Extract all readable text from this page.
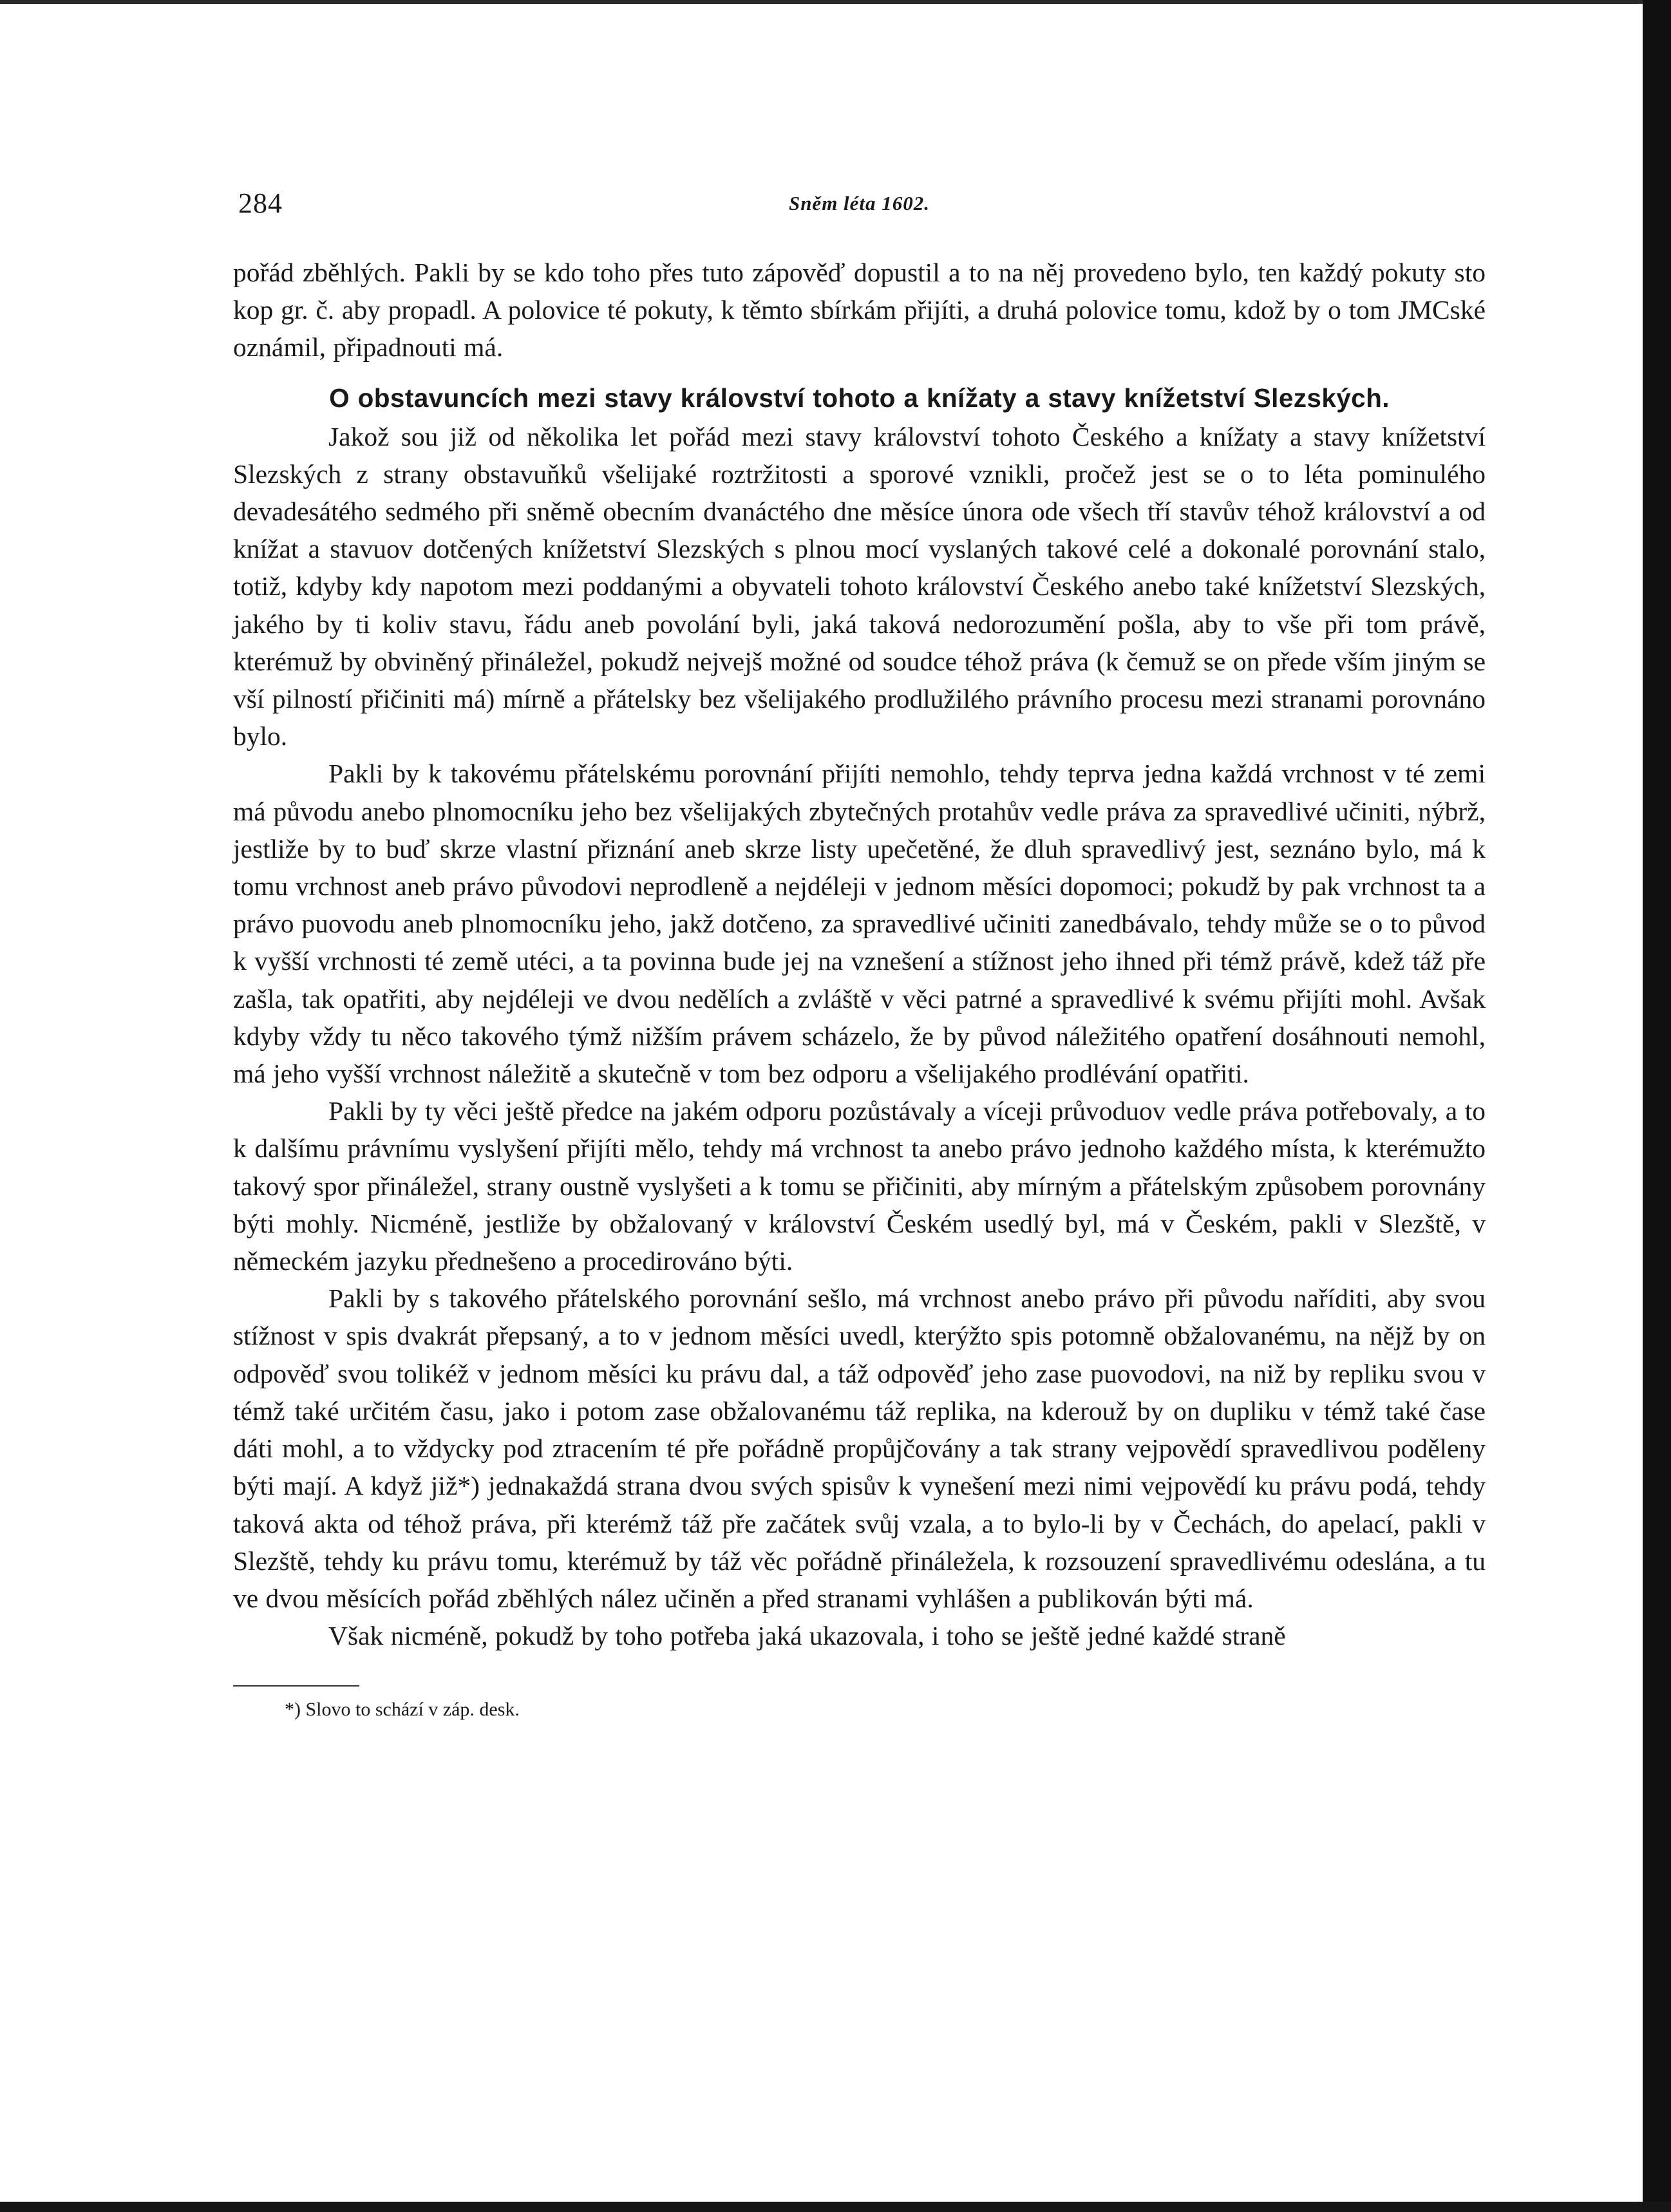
284	Sněm léta 1602.

pořád zběhlých. Pakli by se kdo toho přes tuto zápověď dopustil a to na něj provedeno bylo, ten každý pokuty sto kop gr. č. aby propadl. A polovice té pokuty, k těmto sbírkám přijíti, a druhá polovice tomu, kdož by o tom JMCské oznámil, připadnouti má.

O obstavuncích mezi stavy království tohoto a knížaty a stavy knížetství Slezských.

Jakož sou již od několika let pořád mezi stavy království tohoto Českého a knížaty a stavy knížetství Slezských z strany obstavuňků všelijaké roztržitosti a sporové vznikli, pročež jest se o to léta pominulého devadesátého sedmého při sněmě obecním dvanáctého dne měsíce února ode všech tří stavův téhož království a od knížat a stavuov dotčených knížetství Slezských s plnou mocí vyslaných takové celé a dokonalé porovnání stalo, totiž, kdyby kdy napotom mezi poddanými a obyvateli tohoto království Českého anebo také knížetství Slezských, jakého by ti koliv stavu, řádu aneb povolání byli, jaká taková nedorozumění pošla, aby to vše při tom právě, kterémuž by obviněný přináležel, pokudž nejvejš možné od soudce téhož práva (k čemuž se on přede vším jiným se vší pilností přičiniti má) mírně a přátelsky bez všelijakého prodlužilého právního procesu mezi stranami porovnáno bylo.

Pakli by k takovému přátelskému porovnání přijíti nemohlo, tehdy teprva jedna každá vrchnost v té zemi má původu anebo plnomocníku jeho bez všelijakých zbytečných protahův vedle práva za spravedlivé učiniti, nýbrž, jestliže by to buď skrze vlastní přiznání aneb skrze listy upečetěné, že dluh spravedlivý jest, seznáno bylo, má k tomu vrchnost aneb právo původovi neprodleně a nejdéleji v jednom měsíci dopomoci; pokudž by pak vrchnost ta a právo puovodu aneb plnomocníku jeho, jakž dotčeno, za spravedlivé učiniti zanedbávalo, tehdy může se o to původ k vyšší vrchnosti té země utéci, a ta povinna bude jej na vznešení a stížnost jeho ihned při témž právě, kdež táž pře zašla, tak opatřiti, aby nejdéleji ve dvou nedělích a zvláště v věci patrné a spravedlivé k svému přijíti mohl. Avšak kdyby vždy tu něco takového týmž nižším právem scházelo, že by původ náležitého opatření dosáhnouti nemohl, má jeho vyšší vrchnost náležitě a skutečně v tom bez odporu a všelijakého prodlévání opatřiti.

Pakli by ty věci ještě předce na jakém odporu pozůstávaly a víceji průvoduov vedle práva potřebovaly, a to k dalšímu právnímu vyslyšení přijíti mělo, tehdy má vrchnost ta anebo právo jednoho každého místa, k kterémužto takový spor přináležel, strany oustně vyslyšeti a k tomu se přičiniti, aby mírným a přátelským způsobem porovnány býti mohly. Nicméně, jestliže by obžalovaný v království Českém usedlý byl, má v Českém, pakli v Slezště, v německém jazyku přednešeno a procedirováno býti.

Pakli by s takového přátelského porovnání sešlo, má vrchnost anebo právo při původu naříditi, aby svou stížnost v spis dvakrát přepsaný, a to v jednom měsíci uvedl, kterýžto spis potomně obžalovanému, na nějž by on odpověď svou tolikéž v jednom měsíci ku právu dal, a táž odpověď jeho zase puovodovi, na niž by repliku svou v témž také určitém času, jako i potom zase obžalovanému táž replika, na kderouž by on dupliku v témž také čase dáti mohl, a to vždycky pod ztracením té pře pořádně propůjčovány a tak strany vejpovědí spravedlivou poděleny býti mají. A když již*) jednakaždá strana dvou svých spisův k vynešení mezi nimi vejpovědí ku právu podá, tehdy taková akta od téhož práva, při kterémž táž pře začátek svůj vzala, a to bylo-li by v Čechách, do apelací, pakli v Slezště, tehdy ku právu tomu, kterémuž by táž věc pořádně přináležela, k rozsouzení spravedlivému odeslána, a tu ve dvou měsících pořád zběhlých nález učiněn a před stranami vyhlášen a publikován býti má.

Však nicméně, pokudž by toho potřeba jaká ukazovala, i toho se ještě jedné každé straně

*) Slovo to schází v záp. desk.
